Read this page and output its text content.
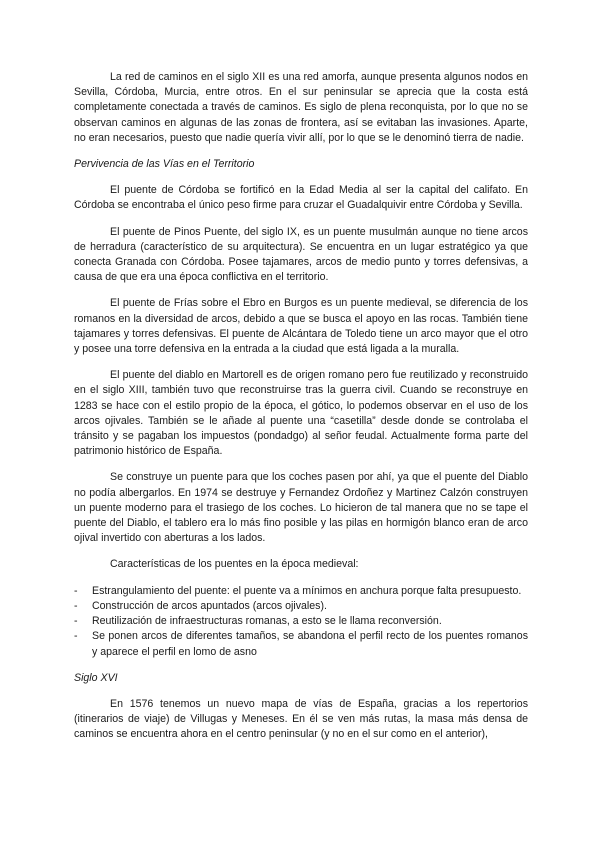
La red de caminos en el siglo XII es una red amorfa, aunque presenta algunos nodos en Sevilla, Córdoba, Murcia, entre otros. En el sur peninsular se aprecia que la costa está completamente conectada a través de caminos. Es siglo de plena reconquista, por lo que no se observan caminos en algunas de las zonas de frontera, así se evitaban las invasiones. Aparte, no eran necesarios, puesto que nadie quería vivir allí, por lo que se le denominó tierra de nadie.

Pervivencia de las Vías en el Territorio

El puente de Córdoba se fortificó en la Edad Media al ser la capital del califato. En Córdoba se encontraba el único peso firme para cruzar el Guadalquivir entre Córdoba y Sevilla.

El puente de Pinos Puente, del siglo IX, es un puente musulmán aunque no tiene arcos de herradura (característico de su arquitectura). Se encuentra en un lugar estratégico ya que conecta Granada con Córdoba. Posee tajamares, arcos de medio punto y torres defensivas, a causa de que era una época conflictiva en el territorio.

El puente de Frías sobre el Ebro en Burgos es un puente medieval, se diferencia de los romanos en la diversidad de arcos, debido a que se busca el apoyo en las rocas. También tiene tajamares y torres defensivas. El puente de Alcántara de Toledo tiene un arco mayor que el otro y posee una torre defensiva en la entrada a la ciudad que está ligada a la muralla.

El puente del diablo en Martorell es de origen romano pero fue reutilizado y reconstruido en el siglo XIII, también tuvo que reconstruirse tras la guerra civil. Cuando se reconstruye en 1283 se hace con el estilo propio de la época, el gótico, lo podemos observar en el uso de los arcos ojivales. También se le añade al puente una “casetilla” desde donde se controlaba el tránsito y se pagaban los impuestos (pondadgo) al señor feudal. Actualmente forma parte del patrimonio histórico de España.

Se construye un puente para que los coches pasen por ahí, ya que el puente del Diablo no podía albergarlos. En 1974 se destruye y Fernandez Ordoñez y Martinez Calzón construyen un puente moderno para el trasiego de los coches. Lo hicieron de tal manera que no se tape el puente del Diablo, el tablero era lo más fino posible y las pilas en hormigón blanco eran de arco ojival invertido con aberturas a los lados.

Características de los puentes en la época medieval:

- Estrangulamiento del puente: el puente va a mínimos en anchura porque falta presupuesto.
- Construcción de arcos apuntados (arcos ojivales).
- Reutilización de infraestructuras romanas, a esto se le llama reconversión.
- Se ponen arcos de diferentes tamaños, se abandona el perfil recto de los puentes romanos y aparece el perfil en lomo de asno

Siglo XVI

En 1576 tenemos un nuevo mapa de vías de España, gracias a los repertorios (itinerarios de viaje) de Villugas y Meneses. En él se ven más rutas, la masa más densa de caminos se encuentra ahora en el centro peninsular (y no en el sur como en el anterior),
